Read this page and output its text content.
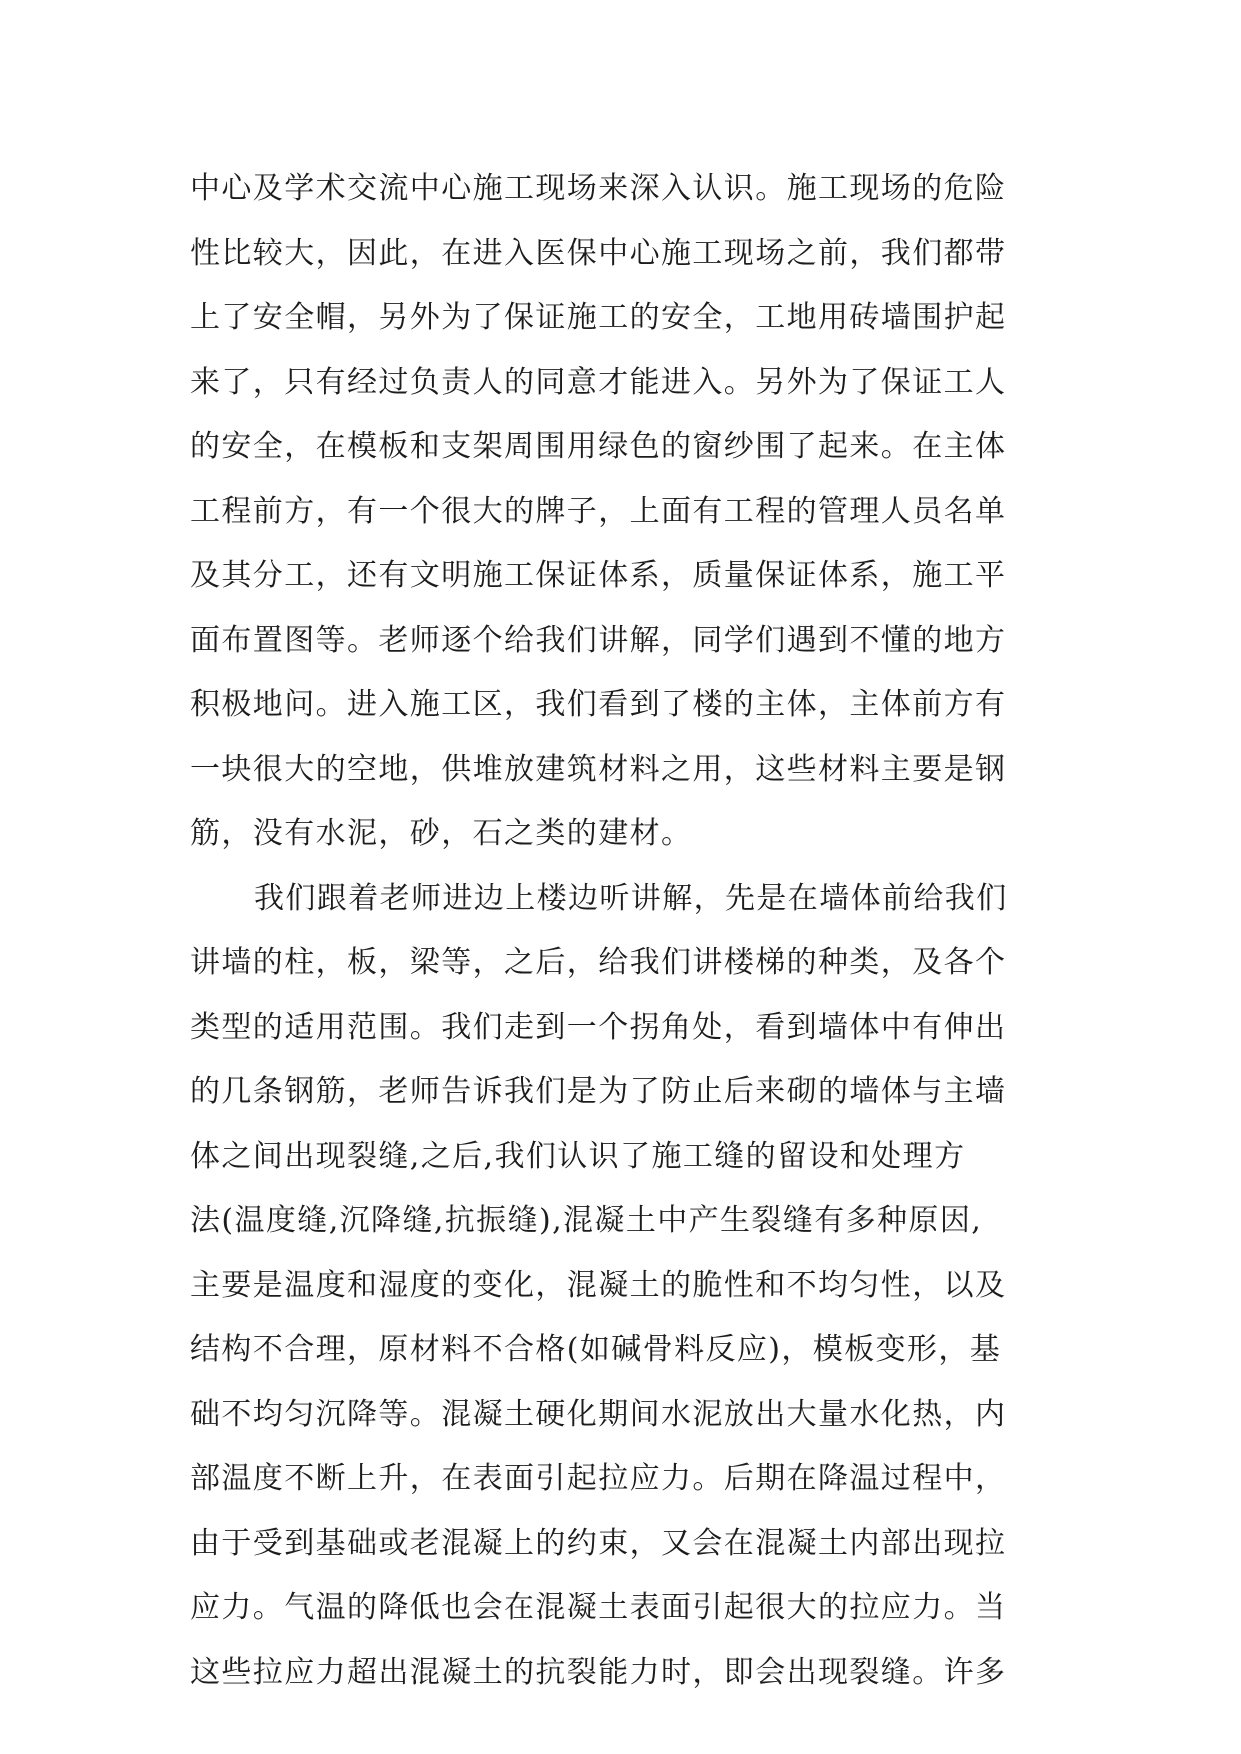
中心及学术交流中心施工现场来深入认识。施工现场的危险
性比较大，因此，在进入医保中心施工现场之前，我们都带
上了安全帽，另外为了保证施工的安全，工地用砖墙围护起
来了，只有经过负责人的同意才能进入。另外为了保证工人
的安全，在模板和支架周围用绿色的窗纱围了起来。在主体
工程前方，有一个很大的牌子，上面有工程的管理人员名单
及其分工，还有文明施工保证体系，质量保证体系，施工平
面布置图等。老师逐个给我们讲解，同学们遇到不懂的地方
积极地问。进入施工区，我们看到了楼的主体，主体前方有
一块很大的空地，供堆放建筑材料之用，这些材料主要是钢
筋，没有水泥，砂，石之类的建材。
我们跟着老师进边上楼边听讲解，先是在墙体前给我们
讲墙的柱，板，梁等，之后，给我们讲楼梯的种类，及各个
类型的适用范围。我们走到一个拐角处，看到墙体中有伸出
的几条钢筋，老师告诉我们是为了防止后来砌的墙体与主墙
体之间出现裂缝,之后,我们认识了施工缝的留设和处理方
法(温度缝,沉降缝,抗振缝),混凝土中产生裂缝有多种原因,
主要是温度和湿度的变化，混凝土的脆性和不均匀性，以及
结构不合理，原材料不合格(如碱骨料反应)，模板变形，基
础不均匀沉降等。混凝土硬化期间水泥放出大量水化热，内
部温度不断上升，在表面引起拉应力。后期在降温过程中，
由于受到基础或老混凝上的约束，又会在混凝土内部出现拉
应力。气温的降低也会在混凝土表面引起很大的拉应力。当
这些拉应力超出混凝土的抗裂能力时，即会出现裂缝。许多
